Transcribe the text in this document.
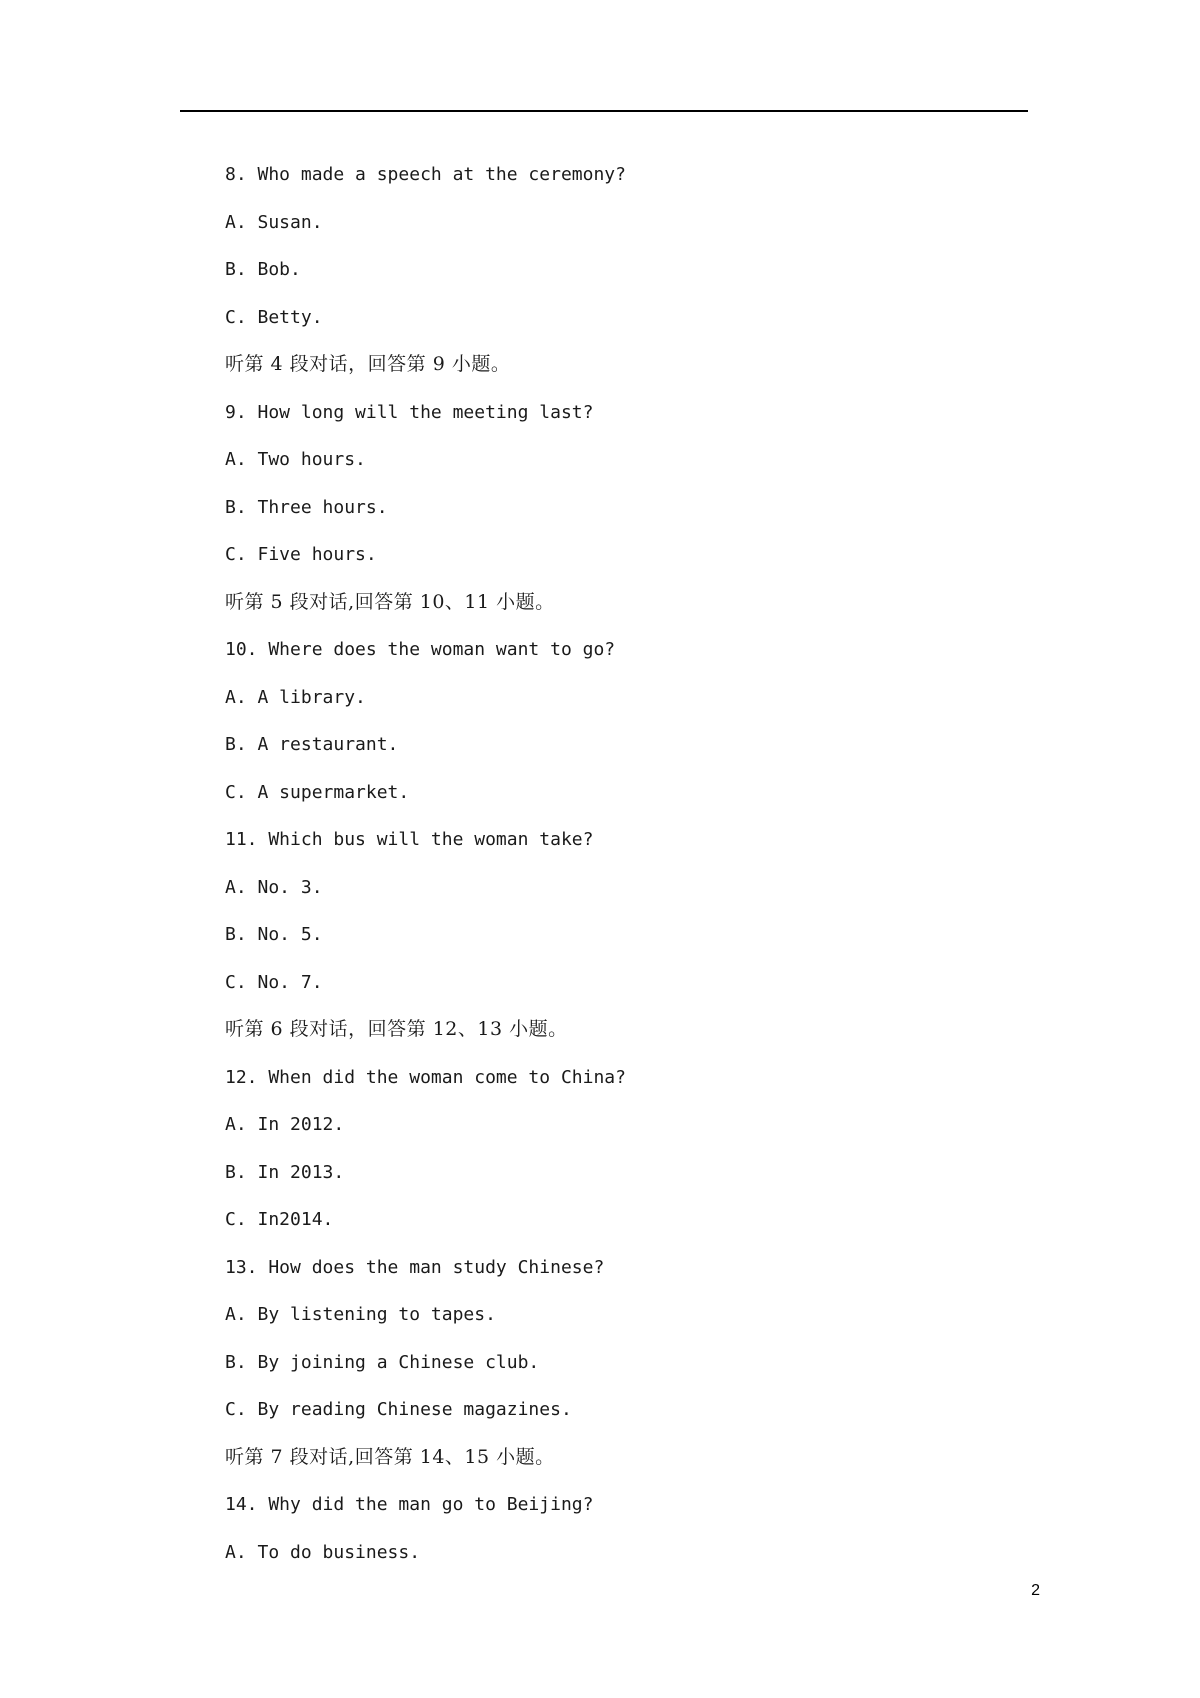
8. Who made a speech at the ceremony?
A. Susan.
B. Bob.
C. Betty.
听第 4 段对话，回答第 9 小题。
9. How long will the meeting last?
A. Two hours.
B. Three hours.
C. Five hours.
听第 5 段对话,回答第 10、11 小题。
10. Where does the woman want to go?
A. A library.
B. A restaurant.
C. A supermarket.
11. Which bus will the woman take?
A. No. 3.
B. No. 5.
C. No. 7.
听第 6 段对话，回答第 12、13 小题。
12. When did the woman come to China?
A. In 2012.
B. In 2013.
C. In2014.
13. How does the man study Chinese?
A. By listening to tapes.
B. By joining a Chinese club.
C. By reading Chinese magazines.
听第 7 段对话,回答第 14、15 小题。
14. Why did the man go to Beijing?
A. To do business.
2
